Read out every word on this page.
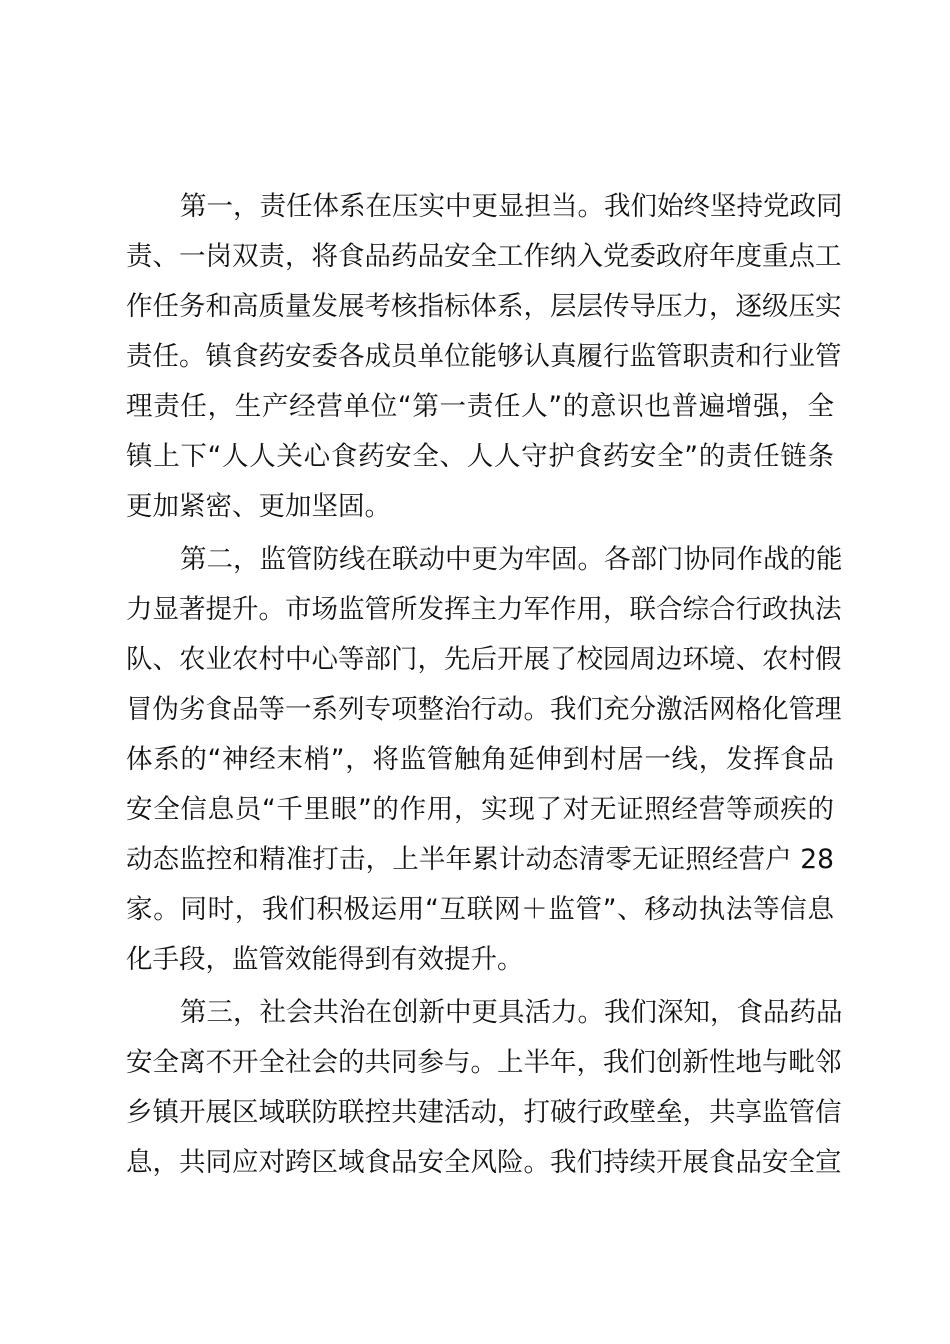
第一，责任体系在压实中更显担当。我们始终坚持党政同
责、一岗双责，将食品药品安全工作纳入党委政府年度重点工
作任务和高质量发展考核指标体系，层层传导压力，逐级压实
责任。镇食药安委各成员单位能够认真履行监管职责和行业管
理责任，生产经营单位“第一责任人”的意识也普遍增强，全
镇上下“人人关心食药安全、人人守护食药安全”的责任链条
更加紧密、更加坚固。
第二，监管防线在联动中更为牢固。各部门协同作战的能
力显著提升。市场监管所发挥主力军作用，联合综合行政执法
队、农业农村中心等部门，先后开展了校园周边环境、农村假
冒伪劣食品等一系列专项整治行动。我们充分激活网格化管理
体系的“神经末梢”，将监管触角延伸到村居一线，发挥食品
安全信息员“千里眼”的作用，实现了对无证照经营等顽疾的
动态监控和精准打击，上半年累计动态清零无证照经营户 28
家。同时，我们积极运用“互联网＋监管”、移动执法等信息
化手段，监管效能得到有效提升。
第三，社会共治在创新中更具活力。我们深知，食品药品
安全离不开全社会的共同参与。上半年，我们创新性地与毗邻
乡镇开展区域联防联控共建活动，打破行政壁垒，共享监管信
息，共同应对跨区域食品安全风险。我们持续开展食品安全宣
